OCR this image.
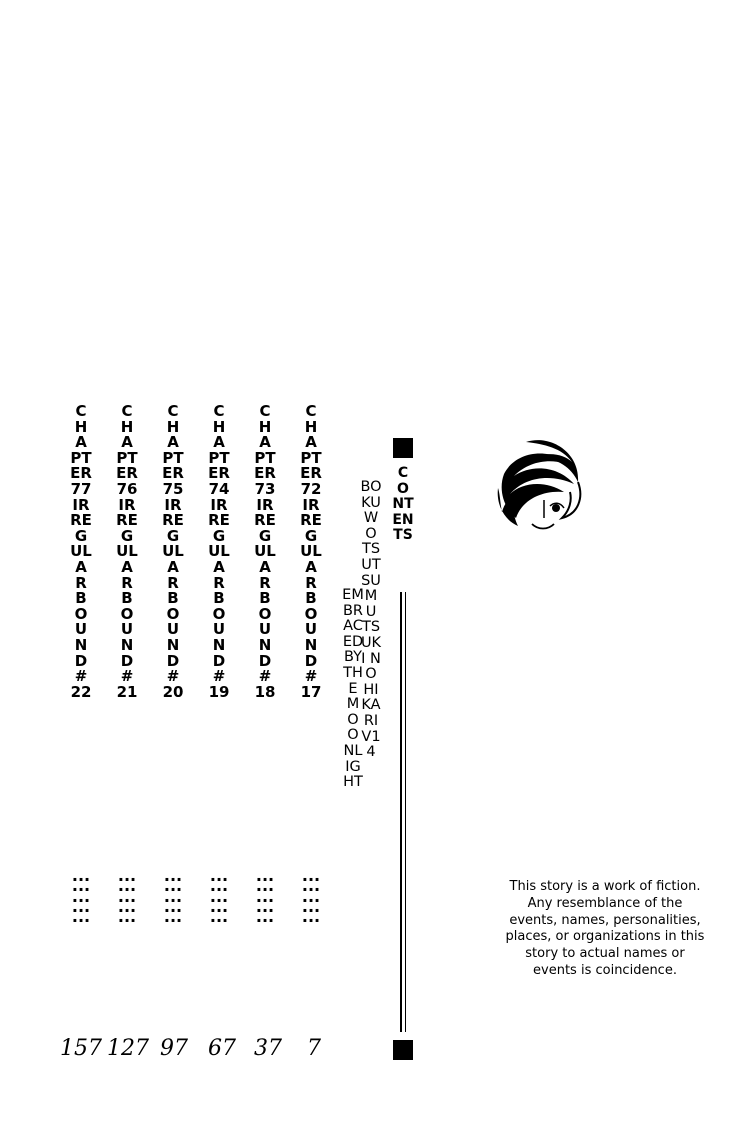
CHAPTER 72 IRREGULAR BOUND #17
···············
7
CHAPTER 73 IRREGULAR BOUND #18
···············
37
CHAPTER 74 IRREGULAR BOUND #19
···············
67
CHAPTER 75 IRREGULAR BOUND #20
···············
97
CHAPTER 76 IRREGULAR BOUND #21
···············
127
CHAPTER 77 IRREGULAR BOUND #22
···············
157
BOKU WO TSUTSUMU TSUKI NO HIKARI V14
EMBRACED BY THE MOONLIGHT
CONTENTS
This story is a work of fiction. Any resemblance of the events, names, personalities, places, or organizations in this story to actual names or events is coincidence.
